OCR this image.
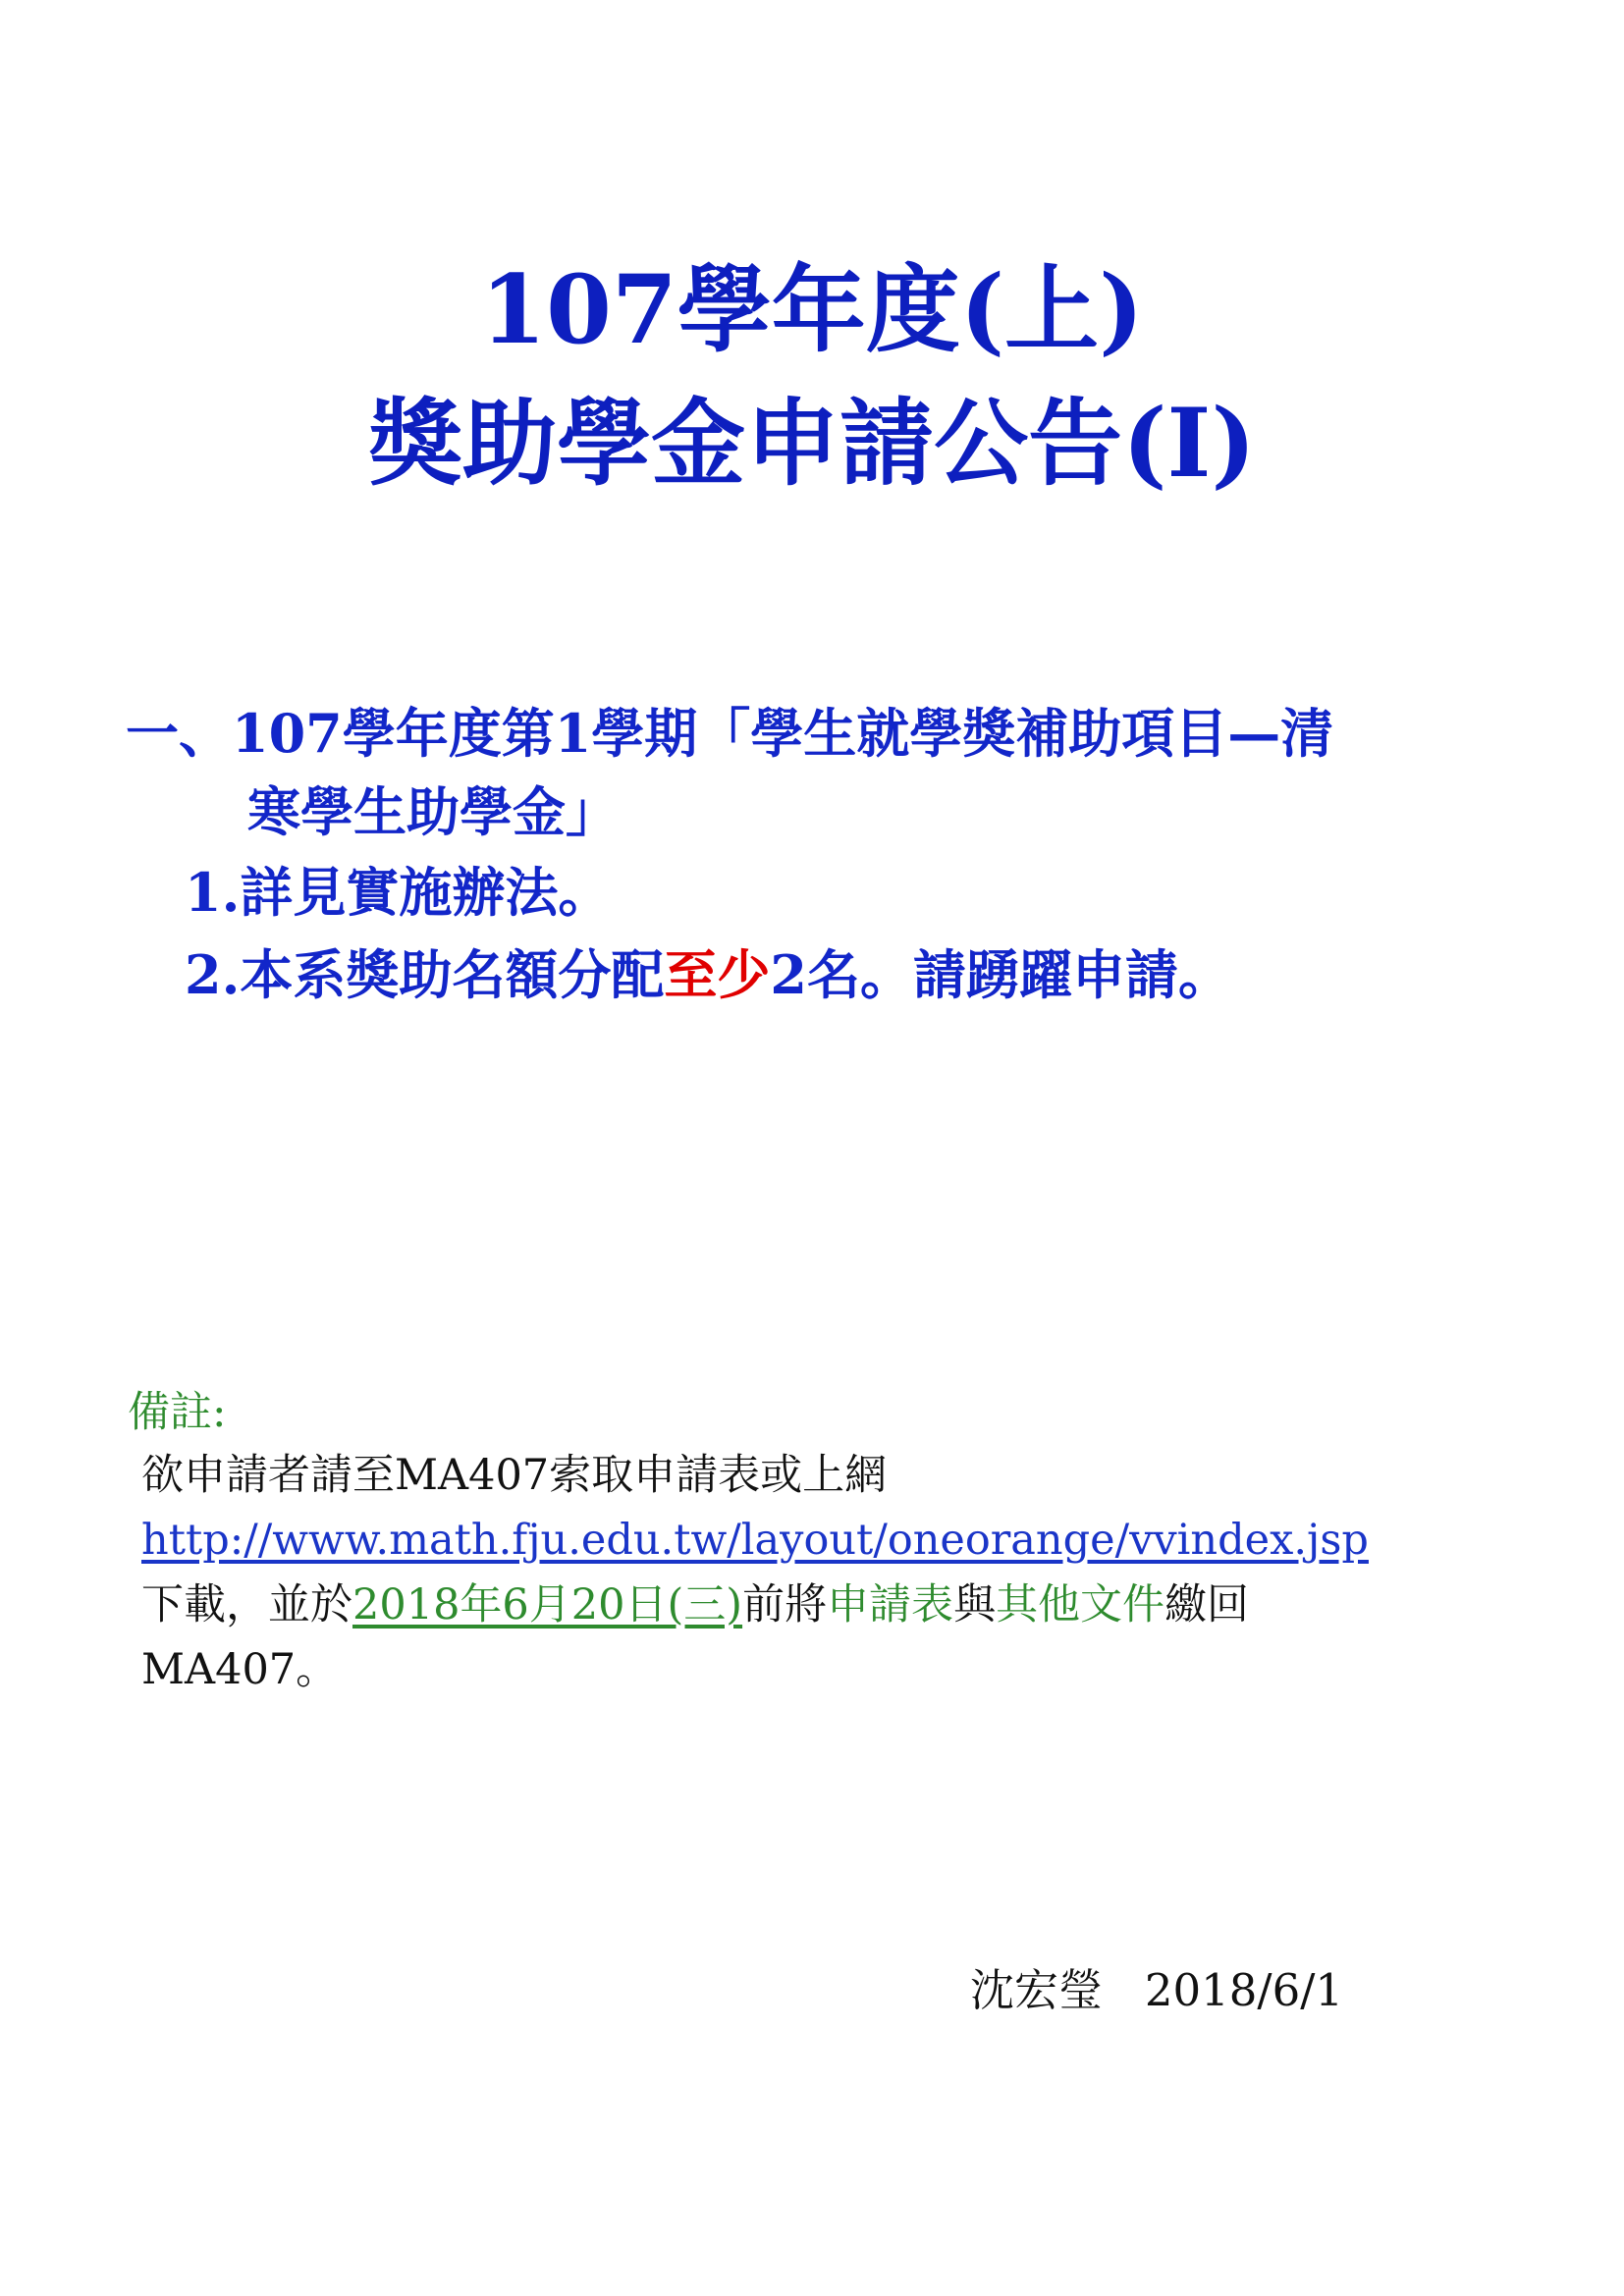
107學年度(上)
獎助學金申請公告(I)
一、107學年度第1學期「學生就學獎補助項目—清
寒學生助學金」
1.詳見實施辦法。
2.本系獎助名額分配至少2名。請踴躍申請。
備註:
欲申請者請至MA407索取申請表或上網
http://www.math.fju.edu.tw/layout/oneorange/vvindex.jsp
下載，並於2018年6月20日(三)前將申請表與其他文件繳回
MA407。
沈宏瑩   2018/6/1
